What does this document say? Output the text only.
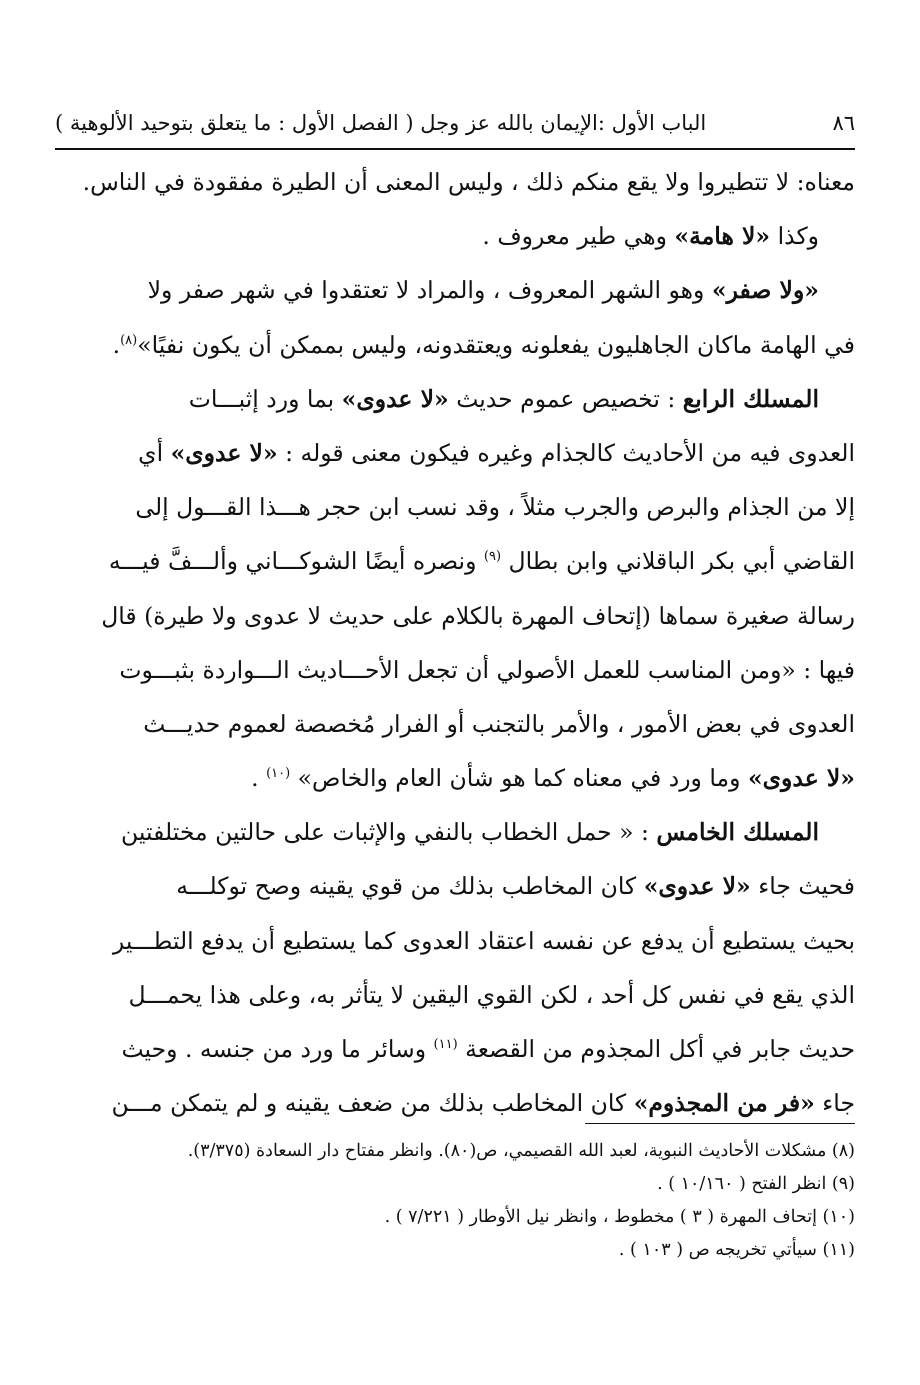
٨٦
الباب الأول :الإيمان بالله عز وجل ( الفصل الأول : ما يتعلق بتوحيد الألوهية )
معناه: لا تتطيروا ولا يقع منكم ذلك ، وليس المعنى أن الطيرة مفقودة في الناس.
وكذا «لا هامة» وهي طير معروف .
«ولا صفر» وهو الشهر المعروف ، والمراد لا تعتقدوا في شهر صفر ولا
في الهامة ماكان الجاهليون يفعلونه ويعتقدونه، وليس بممكن أن يكون نفيًا»$^{(٨)}$.
المسلك الرابع : تخصيص عموم حديث «لا عدوى» بما ورد إثبـــات
العدوى فيه من الأحاديث كالجذام وغيره فيكون معنى قوله : «لا عدوى» أي
إلا من الجذام والبرص والجرب مثلاً ، وقد نسب ابن حجر هـــذا القـــول إلى
القاضي أبي بكر الباقلاني وابن بطال $^{(٩)}$ ونصره أيضًا الشوكـــاني وألـــفَّ فيـــه
رسالة صغيرة سماها (إتحاف المهرة بالكلام على حديث لا عدوى ولا طيرة) قال
فيها : «ومن المناسب للعمل الأصولي أن تجعل الأحـــاديث الـــواردة بثبـــوت
العدوى في بعض الأمور ، والأمر بالتجنب أو الفرار مُخصصة لعموم حديـــث
«لا عدوى» وما ورد في معناه كما هو شأن العام والخاص» $^{(١٠)}$ .
المسلك الخامس : « حمل الخطاب بالنفي والإثبات على حالتين مختلفتين
فحيث جاء «لا عدوى» كان المخاطب بذلك من قوي يقينه وصح توكلـــه
بحيث يستطيع أن يدفع عن نفسه اعتقاد العدوى كما يستطيع أن يدفع التطـــير
الذي يقع في نفس كل أحد ، لكن القوي اليقين لا يتأثر به، وعلى هذا يحمـــل
حديث جابر في أكل المجذوم من القصعة $^{(١١)}$ وسائر ما ورد من جنسه . وحيث
جاء «فر من المجذوم» كان المخاطب بذلك من ضعف يقينه و لم يتمكن مـــن
(٨) مشكلات الأحاديث النبوية، لعبد الله القصيمي، ص(٨٠). وانظر مفتاح دار السعادة (٣/٣٧٥).
(٩) انظر الفتح ( ١٠/١٦٠ ) .
(١٠) إتحاف المهرة ( ٣ ) مخطوط ، وانظر نيل الأوطار ( ٧/٢٢١ ) .
(١١) سيأتي تخريجه ص ( ١٠٣ ) .
